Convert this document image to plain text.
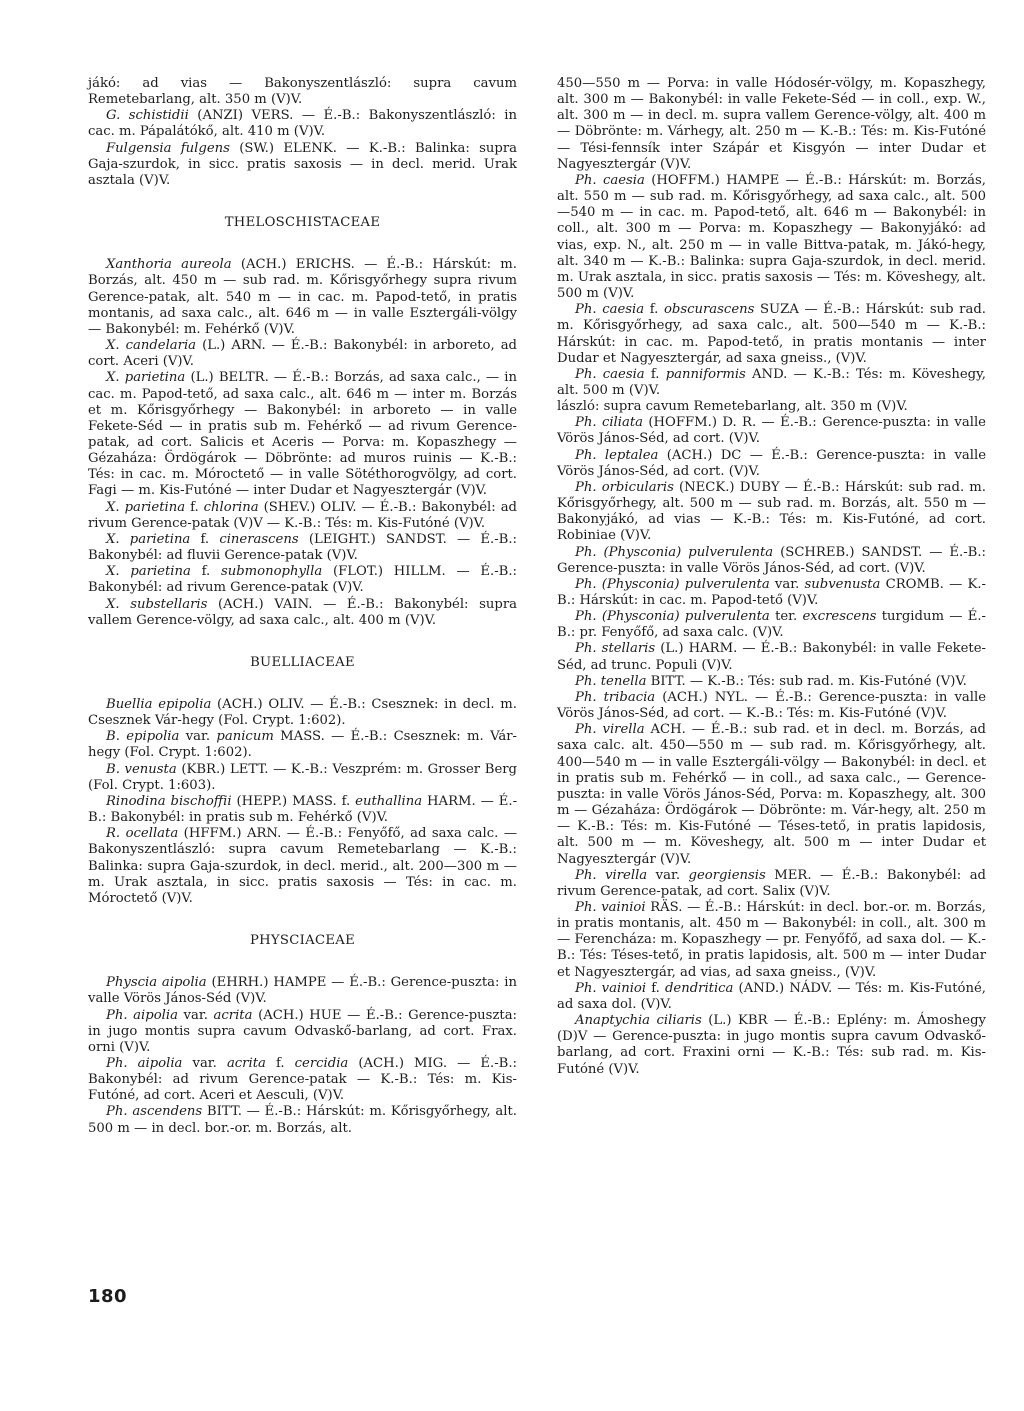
jákó: ad vias — Bakonyszentlászló: supra cavum Remetebarlang, alt. 350 m (V)V.

G. schistidii (ANZI) VERS. — É.-B.: Bakonyszentlászló: in cac. m. Pápalátókő, alt. 410 m (V)V.

Fulgensia fulgens (SW.) ELENK. — K.-B.: Balinka: supra Gaja-szurdok, in sicc. pratis saxosis — in decl. merid. Urak asztala (V)V.

THELOSCHISTACEAE

Xanthoria aureola (ACH.) ERICHS. — É.-B.: Hárskút: m. Borzás, alt. 450 m — sub rad. m. Kőrisgyőrhegy supra rivum Gerence-patak, alt. 540 m — in cac. m. Papod-tető, in pratis montanis, ad saxa calc., alt. 646 m — in valle Esztergáli-völgy — Bakonybél: m. Fehérkő (V)V.

X. candelaria (L.) ARN. — É.-B.: Bakonybél: in arboreto, ad cort. Aceri (V)V.

X. parietina (L.) BELTR. — É.-B.: Borzás, ad saxa calc., — in cac. m. Papod-tető, ad saxa calc., alt. 646 m — inter m. Borzás et m. Kőrisgyőrhegy — Bakonybél: in arboreto — in valle Fekete-Séd — in pratis sub m. Fehérkő — ad rivum Gerence-patak, ad cort. Salicis et Aceris — Porva: m. Kopaszhegy — Gézaháza: Ördögárok — Döbrönte: ad muros ruinis — K.-B.: Tés: in cac. m. Móroctető — in valle Sötéthorogvölgy, ad cort. Fagi — m. Kis-Futóné — inter Dudar et Nagyesztergár (V)V.

X. parietina f. chlorina (SHEV.) OLIV. — É.-B.: Bakonybél: ad rivum Gerence-patak (V)V — K.-B.: Tés: m. Kis-Futóné (V)V.

X. parietina f. cinerascens (LEIGHT.) SANDST. — É.-B.: Bakonybél: ad fluvii Gerence-patak (V)V.

X. parietina f. submonophylla (FLOT.) HILLM. — É.-B.: Bakonybél: ad rivum Gerence-patak (V)V.

X. substellaris (ACH.) VAIN. — É.-B.: Bakonybél: supra vallem Gerence-völgy, ad saxa calc., alt. 400 m (V)V.

BUELLIACEAE

Buellia epipolia (ACH.) OLIV. — É.-B.: Csesznek: in decl. m. Csesznek Vár-hegy (Fol. Crypt. 1:602).

B. epipolia var. panicum MASS. — É.-B.: Csesznek: m. Vár-hegy (Fol. Crypt. 1:602).

B. venusta (KBR.) LETT. — K.-B.: Veszprém: m. Grosser Berg (Fol. Crypt. 1:603).

Rinodina bischoffii (HEPP.) MASS. f. euthallina HARM. — É.-B.: Bakonybél: in pratis sub m. Fehérkő (V)V.

R. ocellata (HFFM.) ARN. — É.-B.: Fenyőfő, ad saxa calc. — Bakonyszentlászló: supra cavum Remetebarlang — K.-B.: Balinka: supra Gaja-szurdok, in decl. merid., alt. 200—300 m — m. Urak asztala, in sicc. pratis saxosis — Tés: in cac. m. Móroctető (V)V.

PHYSCIACEAE

Physcia aipolia (EHRH.) HAMPE — É.-B.: Gerence-puszta: in valle Vörös János-Séd (V)V.

Ph. aipolia var. acrita (ACH.) HUE — É.-B.: Gerence-puszta: in jugo montis supra cavum Odvaskő-barlang, ad cort. Frax. orni (V)V.

Ph. aipolia var. acrita f. cercidia (ACH.) MIG. — É.-B.: Bakonybél: ad rivum Gerence-patak — K.-B.: Tés: m. Kis-Futóné, ad cort. Aceri et Aesculi, (V)V.

Ph. ascendens BITT. — É.-B.: Hárskút: m. Kőrisgyőrhegy, alt. 500 m — in decl. bor.-or. m. Borzás, alt.

450—550 m — Porva: in valle Hódosér-völgy, m. Kopaszhegy, alt. 300 m — Bakonybél: in valle Fekete-Séd — in coll., exp. W., alt. 300 m — in decl. m. supra vallem Gerence-völgy, alt. 400 m — Döbrönte: m. Várhegy, alt. 250 m — K.-B.: Tés: m. Kis-Futóné — Tési-fennsík inter Szápár et Kisgyón — inter Dudar et Nagyesztergár (V)V.

Ph. caesia (HOFFM.) HAMPE — É.-B.: Hárskút: m. Borzás, alt. 550 m — sub rad. m. Kőrisgyőrhegy, ad saxa calc., alt. 500—540 m — in cac. m. Papod-tető, alt. 646 m — Bakonybél: in coll., alt. 300 m — Porva: m. Kopaszhegy — Bakonyjákó: ad vias, exp. N., alt. 250 m — in valle Bittva-patak, m. Jákó-hegy, alt. 340 m — K.-B.: Balinka: supra Gaja-szurdok, in decl. merid. m. Urak asztala, in sicc. pratis saxosis — Tés: m. Köveshegy, alt. 500 m (V)V.

Ph. caesia f. obscurascens SUZA — É.-B.: Hárskút: sub rad. m. Kőrisgyőrhegy, ad saxa calc., alt. 500—540 m — K.-B.: Hárskút: in cac. m. Papod-tető, in pratis montanis — inter Dudar et Nagyesztergár, ad saxa gneiss., (V)V.

Ph. caesia f. panniformis AND. — K.-B.: Tés: m. Köveshegy, alt. 500 m (V)V.

lászló: supra cavum Remetebarlang, alt. 350 m (V)V.

Ph. ciliata (HOFFM.) D. R. — É.-B.: Gerence-puszta: in valle Vörös János-Séd, ad cort. (V)V.

Ph. leptalea (ACH.) DC — É.-B.: Gerence-puszta: in valle Vörös János-Séd, ad cort. (V)V.

Ph. orbicularis (NECK.) DUBY — É.-B.: Hárskút: sub rad. m. Kőrisgyőrhegy, alt. 500 m — sub rad. m. Borzás, alt. 550 m — Bakonyjákó, ad vias — K.-B.: Tés: m. Kis-Futóné, ad cort. Robiniae (V)V.

Ph. (Physconia) pulverulenta (SCHREB.) SANDST. — É.-B.: Gerence-puszta: in valle Vörös János-Séd, ad cort. (V)V.

Ph. (Physconia) pulverulenta var. subvenusta CROMB. — K.-B.: Hárskút: in cac. m. Papod-tető (V)V.

Ph. (Physconia) pulverulenta ter. excrescens turgidum — É.-B.: pr. Fenyőfő, ad saxa calc. (V)V.

Ph. stellaris (L.) HARM. — É.-B.: Bakonybél: in valle Fekete-Séd, ad trunc. Populi (V)V.

Ph. tenella BITT. — K.-B.: Tés: sub rad. m. Kis-Futóné (V)V.

Ph. tribacia (ACH.) NYL. — É.-B.: Gerence-puszta: in valle Vörös János-Séd, ad cort. — K.-B.: Tés: m. Kis-Futóné (V)V.

Ph. virella ACH. — É.-B.: sub rad. et in decl. m. Borzás, ad saxa calc. alt. 450—550 m — sub rad. m. Kőrisgyőrhegy, alt. 400—540 m — in valle Esztergáli-völgy — Bakonybél: in decl. et in pratis sub m. Fehérkő — in coll., ad saxa calc., — Gerence-puszta: in valle Vörös János-Séd, Porva: m. Kopaszhegy, alt. 300 m — Gézaháza: Ördögárok — Döbrönte: m. Vár-hegy, alt. 250 m — K.-B.: Tés: m. Kis-Futóné — Téses-tető, in pratis lapidosis, alt. 500 m — m. Köveshegy, alt. 500 m — inter Dudar et Nagyesztergár (V)V.

Ph. virella var. georgiensis MER. — É.-B.: Bakonybél: ad rivum Gerence-patak, ad cort. Salix (V)V.

Ph. vainioi RÄS. — É.-B.: Hárskút: in decl. bor.-or. m. Borzás, in pratis montanis, alt. 450 m — Bakonybél: in coll., alt. 300 m — Ferencháza: m. Kopaszhegy — pr. Fenyőfő, ad saxa dol. — K.-B.: Tés: Téses-tető, in pratis lapidosis, alt. 500 m — inter Dudar et Nagyesztergár, ad vias, ad saxa gneiss., (V)V.

Ph. vainioi f. dendritica (AND.) NÁDV. — Tés: m. Kis-Futóné, ad saxa dol. (V)V.

Anaptychia ciliaris (L.) KBR — É.-B.: Eplény: m. Ámoshegy (D)V — Gerence-puszta: in jugo montis supra cavum Odvaskő-barlang, ad cort. Fraxini orni — K.-B.: Tés: sub rad. m. Kis-Futóné (V)V.

180
